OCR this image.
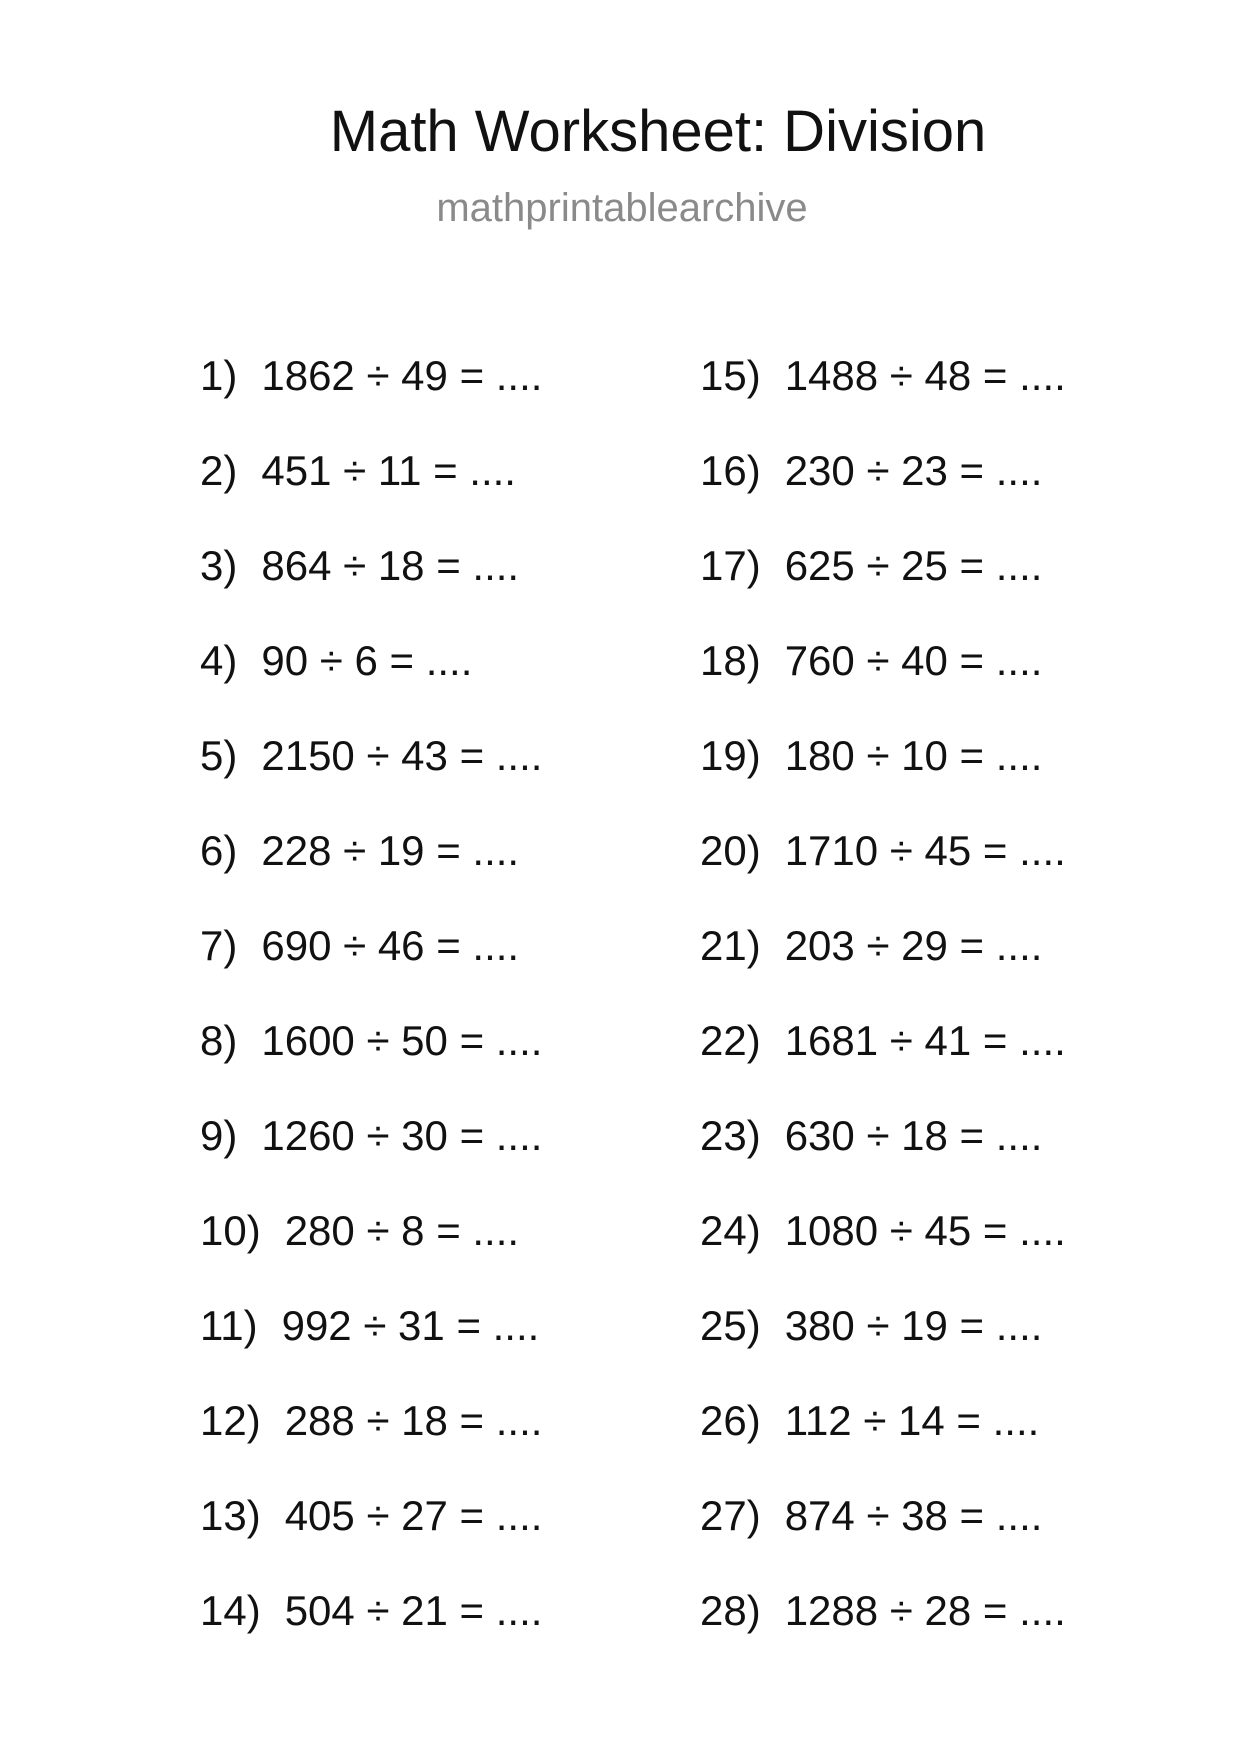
Math Worksheet: Division
mathprintablearchive
1) 1862 ÷ 49 = ....
2) 451 ÷ 11 = ....
3) 864 ÷ 18 = ....
4) 90 ÷ 6 = ....
5) 2150 ÷ 43 = ....
6) 228 ÷ 19 = ....
7) 690 ÷ 46 = ....
8) 1600 ÷ 50 = ....
9) 1260 ÷ 30 = ....
10) 280 ÷ 8 = ....
11) 992 ÷ 31 = ....
12) 288 ÷ 18 = ....
13) 405 ÷ 27 = ....
14) 504 ÷ 21 = ....
15) 1488 ÷ 48 = ....
16) 230 ÷ 23 = ....
17) 625 ÷ 25 = ....
18) 760 ÷ 40 = ....
19) 180 ÷ 10 = ....
20) 1710 ÷ 45 = ....
21) 203 ÷ 29 = ....
22) 1681 ÷ 41 = ....
23) 630 ÷ 18 = ....
24) 1080 ÷ 45 = ....
25) 380 ÷ 19 = ....
26) 112 ÷ 14 = ....
27) 874 ÷ 38 = ....
28) 1288 ÷ 28 = ....
